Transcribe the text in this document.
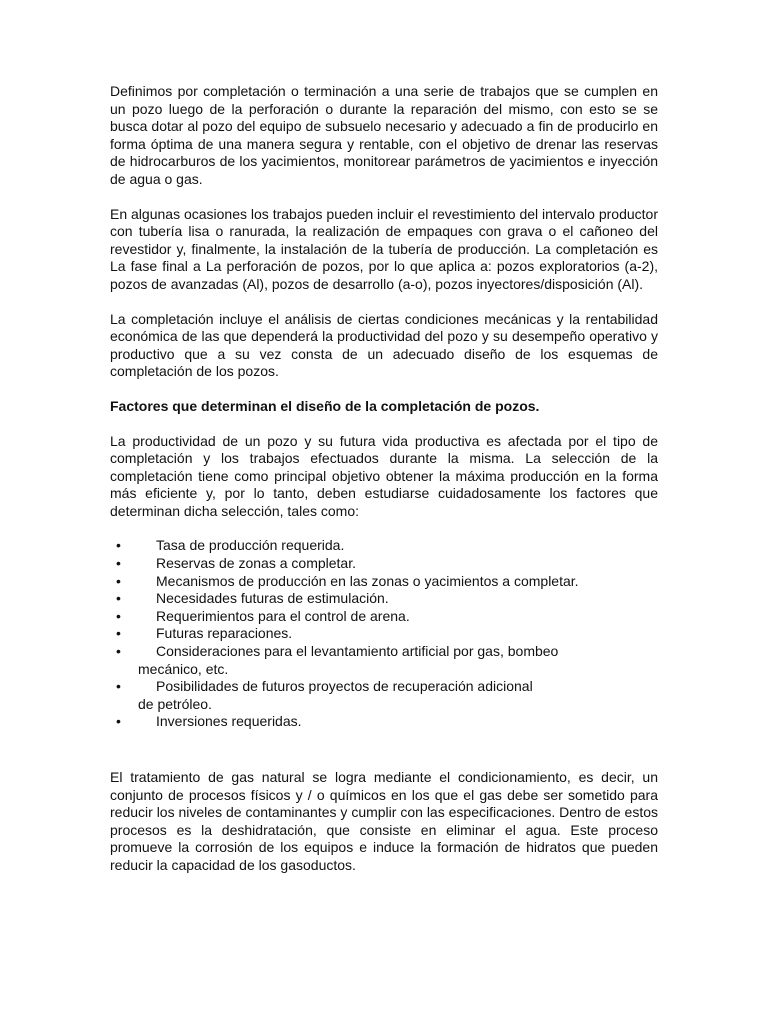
Definimos por completación o terminación a una serie de trabajos que se cumplen en un pozo luego de la perforación o durante la reparación del mismo, con esto se se busca dotar al pozo del equipo de subsuelo necesario y adecuado a fin de producirlo en forma óptima de una manera segura y rentable, con el objetivo de drenar las reservas de hidrocarburos de los yacimientos, monitorear parámetros de yacimientos e inyección de agua o gas.

En algunas ocasiones los trabajos pueden incluir el revestimiento del intervalo productor con tubería lisa o ranurada, la realización de empaques con grava o el cañoneo del revestidor y, finalmente, la instalación de la tubería de producción. La completación es La fase final a La perforación de pozos, por lo que aplica a: pozos exploratorios (a-2), pozos de avanzadas (Al), pozos de desarrollo (a-o), pozos inyectores/disposición (Al).

La completación incluye el análisis de ciertas condiciones mecánicas y la rentabilidad económica de las que dependerá la productividad del pozo y su desempeño operativo y productivo que a su vez consta de un adecuado diseño de los esquemas de completación de los pozos.

Factores que determinan el diseño de la completación de pozos.

La productividad de un pozo y su futura vida productiva es afectada por el tipo de completación y los trabajos efectuados durante la misma. La selección de la completación tiene como principal objetivo obtener la máxima producción en la forma más eficiente y, por lo tanto, deben estudiarse cuidadosamente los factores que determinan dicha selección, tales como:

•	Tasa de producción requerida.
•	Reservas de zonas a completar.
•	Mecanismos de producción en las zonas o yacimientos a completar.
•	Necesidades futuras de estimulación.
•	Requerimientos para el control de arena.
•	Futuras reparaciones.
•	Consideraciones para el levantamiento artificial por gas, bombeo
mecánico, etc.
•	Posibilidades de futuros proyectos de recuperación adicional
de petróleo.
•	Inversiones requeridas.

El tratamiento de gas natural se logra mediante el condicionamiento, es decir, un conjunto de procesos físicos y / o químicos en los que el gas debe ser sometido para reducir los niveles de contaminantes y cumplir con las especificaciones. Dentro de estos procesos es la deshidratación, que consiste en eliminar el agua. Este proceso promueve la corrosión de los equipos e induce la formación de hidratos que pueden reducir la capacidad de los gasoductos.
